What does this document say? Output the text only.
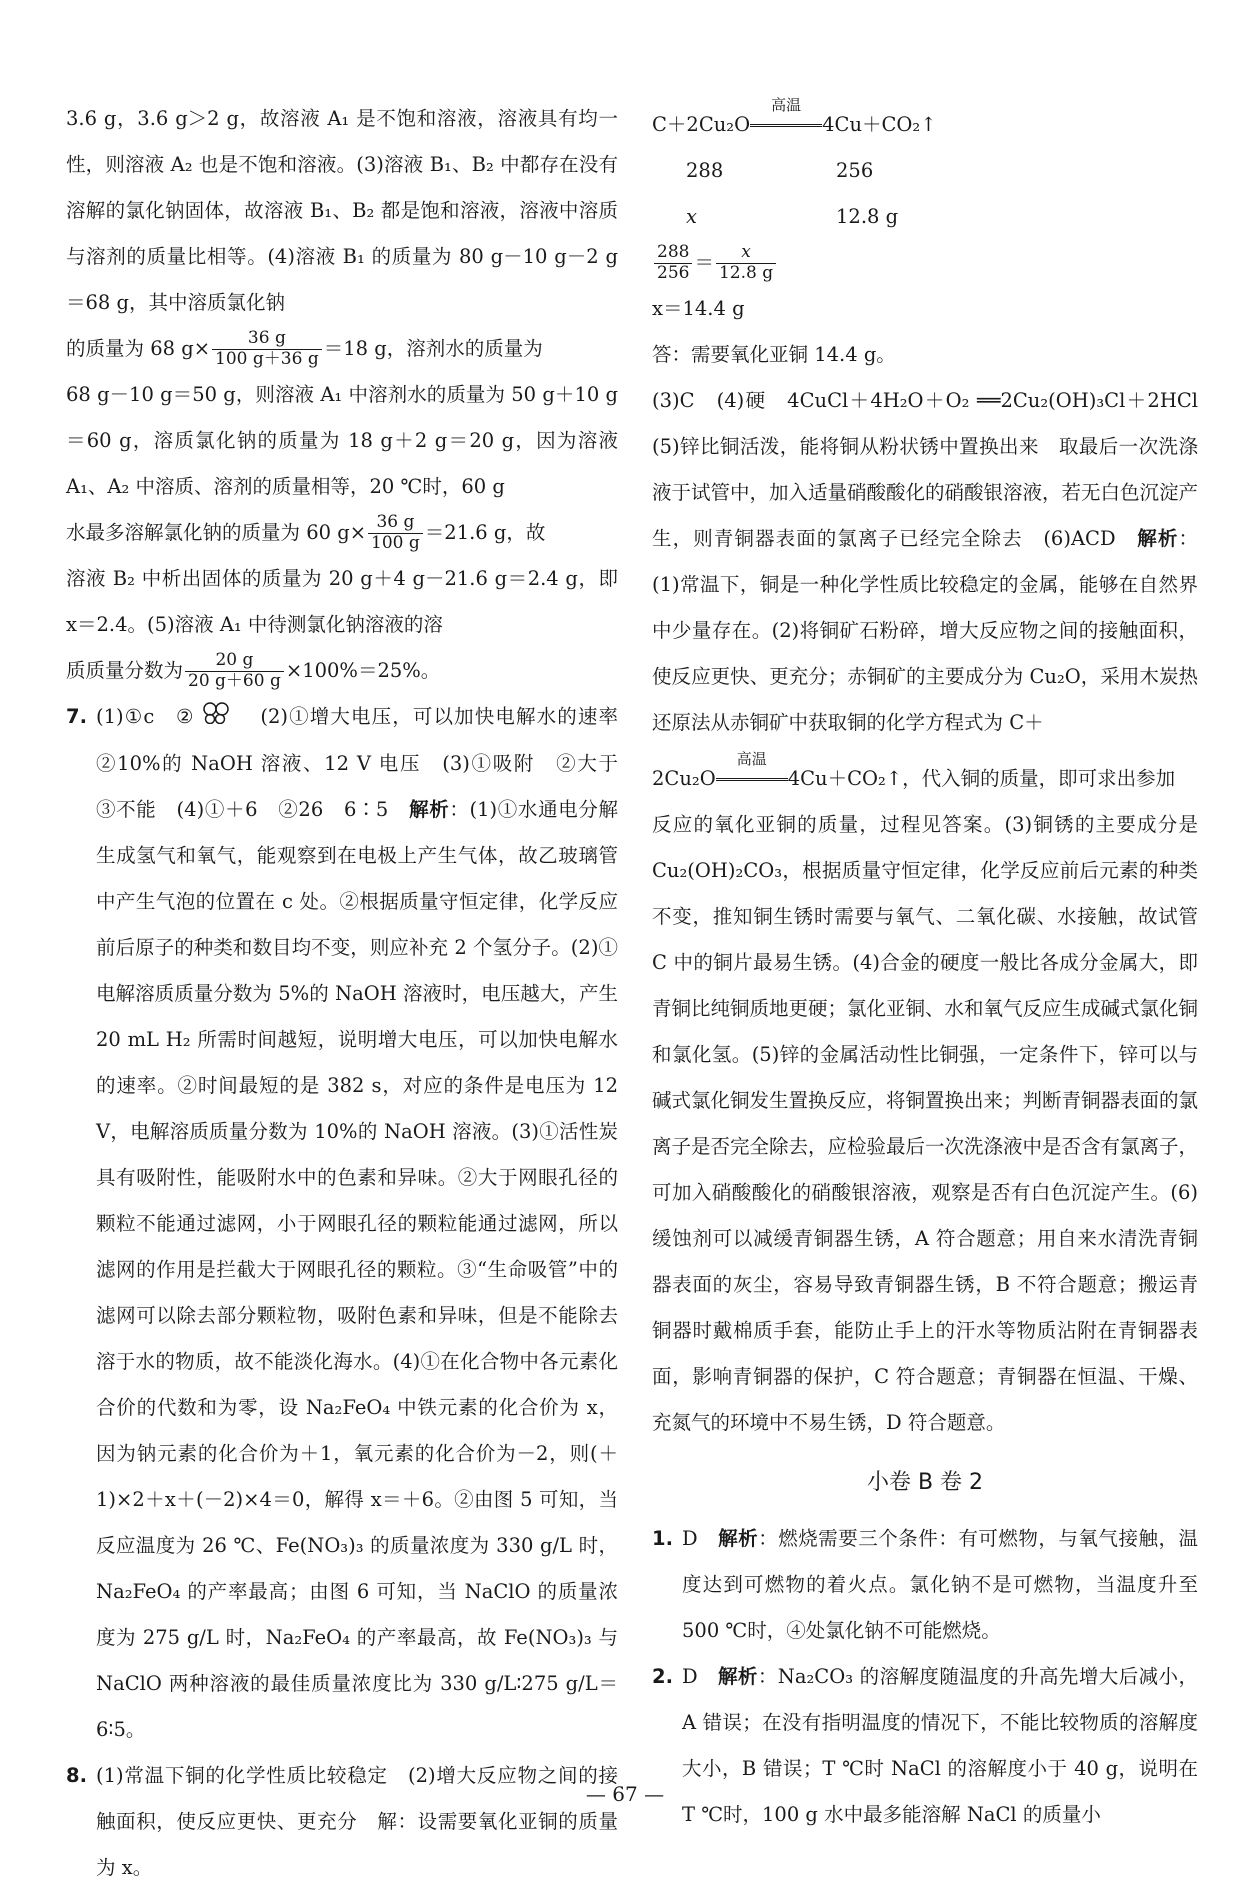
3.6 g，3.6 g＞2 g，故溶液 A₁ 是不饱和溶液，溶液具有均一性，则溶液 A₂ 也是不饱和溶液。(3)溶液 B₁、B₂ 中都存在没有溶解的氯化钠固体，故溶液 B₁、B₂ 都是饱和溶液，溶液中溶质与溶剂的质量比相等。(4)溶液 B₁ 的质量为 80 g－10 g－2 g＝68 g，其中溶质氯化钠

的质量为 68 $g\times \frac{36 g}{100 g+36 g} =18$ g，溶剂水的质量为

68 g－10 g＝50 g，则溶液 A₁ 中溶剂水的质量为 50 g＋10 g＝60 g，溶质氯化钠的质量为 18 g＋2 g＝20 g，因为溶液 A₁、A₂ 中溶质、溶剂的质量相等，20 ℃时，60 g

水最多溶解氯化钠的质量为 60 $g\times \frac{36 g}{100 g} =21.6$ g，故

溶液 B₂ 中析出固体的质量为 20 g＋4 g－21.6 g＝2.4 g，即 x＝2.4。(5)溶液 A₁ 中待测氯化钠溶液的溶

质质量分数为 $\frac{20 g}{20 g+60 g} \times 100\%=25\%$。

7. (1)①c　②　(2)①增大电压，可以加快电解水的速率　②10%的 NaOH 溶液、12 V 电压　(3)①吸附　②大于　③不能　(4)①＋6　②26　6∶5　解析：(1)①水通电分解生成氢气和氧气，能观察到在电极上产生气体，故乙玻璃管中产生气泡的位置在 c 处。②根据质量守恒定律，化学反应前后原子的种类和数目均不变，则应补充 2 个氢分子。(2)①电解溶质质量分数为 5%的 NaOH 溶液时，电压越大，产生 20 mL H₂ 所需时间越短，说明增大电压，可以加快电解水的速率。②时间最短的是 382 s，对应的条件是电压为 12 V，电解溶质质量分数为 10%的 NaOH 溶液。(3)①活性炭具有吸附性，能吸附水中的色素和异味。②大于网眼孔径的颗粒不能通过滤网，小于网眼孔径的颗粒能通过滤网，所以滤网的作用是拦截大于网眼孔径的颗粒。③“生命吸管”中的滤网可以除去部分颗粒物，吸附色素和异味，但是不能除去溶于水的物质，故不能淡化海水。(4)①在化合物中各元素化合价的代数和为零，设 Na₂FeO₄ 中铁元素的化合价为 x，因为钠元素的化合价为＋1，氧元素的化合价为－2，则(＋1)×2＋x＋(－2)×4＝0，解得 x＝＋6。②由图 5 可知，当反应温度为 26 ℃、Fe(NO₃)₃ 的质量浓度为 330 g/L 时，Na₂FeO₄ 的产率最高；由图 6 可知，当 NaClO 的质量浓度为 275 g/L 时，Na₂FeO₄ 的产率最高，故 Fe(NO₃)₃ 与 NaClO 两种溶液的最佳质量浓度比为 330 g/L∶275 g/L＝6∶5。

8. (1)常温下铜的化学性质比较稳定　(2)增大反应物之间的接触面积，使反应更快、更充分　解：设需要氧化亚铜的质量为 x。

C＋2Cu₂O
高温
4Cu＋CO₂↑

288	256
x	12.8 g

$\frac{288}{256} = \frac{x}{12.8 g}$

x＝14.4 g

答：需要氧化亚铜 14.4 g。

(3)C　(4)硬　4CuCl＋4H₂O＋O₂ ══2Cu₂(OH)₃Cl＋2HCl　(5)锌比铜活泼，能将铜从粉状锈中置换出来　取最后一次洗涤液于试管中，加入适量硝酸酸化的硝酸银溶液，若无白色沉淀产生，则青铜器表面的氯离子已经完全除去　(6)ACD　解析：(1)常温下，铜是一种化学性质比较稳定的金属，能够在自然界中少量存在。(2)将铜矿石粉碎，增大反应物之间的接触面积，使反应更快、更充分；赤铜矿的主要成分为 Cu₂O，采用木炭热还原法从赤铜矿中获取铜的化学方程式为 C＋

2Cu₂O
高温
4Cu＋CO₂↑，代入铜的质量，即可求出参加

反应的氧化亚铜的质量，过程见答案。(3)铜锈的主要成分是 Cu₂(OH)₂CO₃，根据质量守恒定律，化学反应前后元素的种类不变，推知铜生锈时需要与氧气、二氧化碳、水接触，故试管 C 中的铜片最易生锈。(4)合金的硬度一般比各成分金属大，即青铜比纯铜质地更硬；氯化亚铜、水和氧气反应生成碱式氯化铜和氯化氢。(5)锌的金属活动性比铜强，一定条件下，锌可以与碱式氯化铜发生置换反应，将铜置换出来；判断青铜器表面的氯离子是否完全除去，应检验最后一次洗涤液中是否含有氯离子，可加入硝酸酸化的硝酸银溶液，观察是否有白色沉淀产生。(6)缓蚀剂可以减缓青铜器生锈，A 符合题意；用自来水清洗青铜器表面的灰尘，容易导致青铜器生锈，B 不符合题意；搬运青铜器时戴棉质手套，能防止手上的汗水等物质沾附在青铜器表面，影响青铜器的保护，C 符合题意；青铜器在恒温、干燥、充氮气的环境中不易生锈，D 符合题意。

小卷 B 卷 2
1. D　解析：燃烧需要三个条件：有可燃物，与氧气接触，温度达到可燃物的着火点。氯化钠不是可燃物，当温度升至 500 ℃时，④处氯化钠不可能燃烧。

2. D　解析：Na₂CO₃ 的溶解度随温度的升高先增大后减小，A 错误；在没有指明温度的情况下，不能比较物质的溶解度大小，B 错误；T ℃时 NaCl 的溶解度小于 40 g，说明在 T ℃时，100 g 水中最多能溶解 NaCl 的质量小

— 67 —
